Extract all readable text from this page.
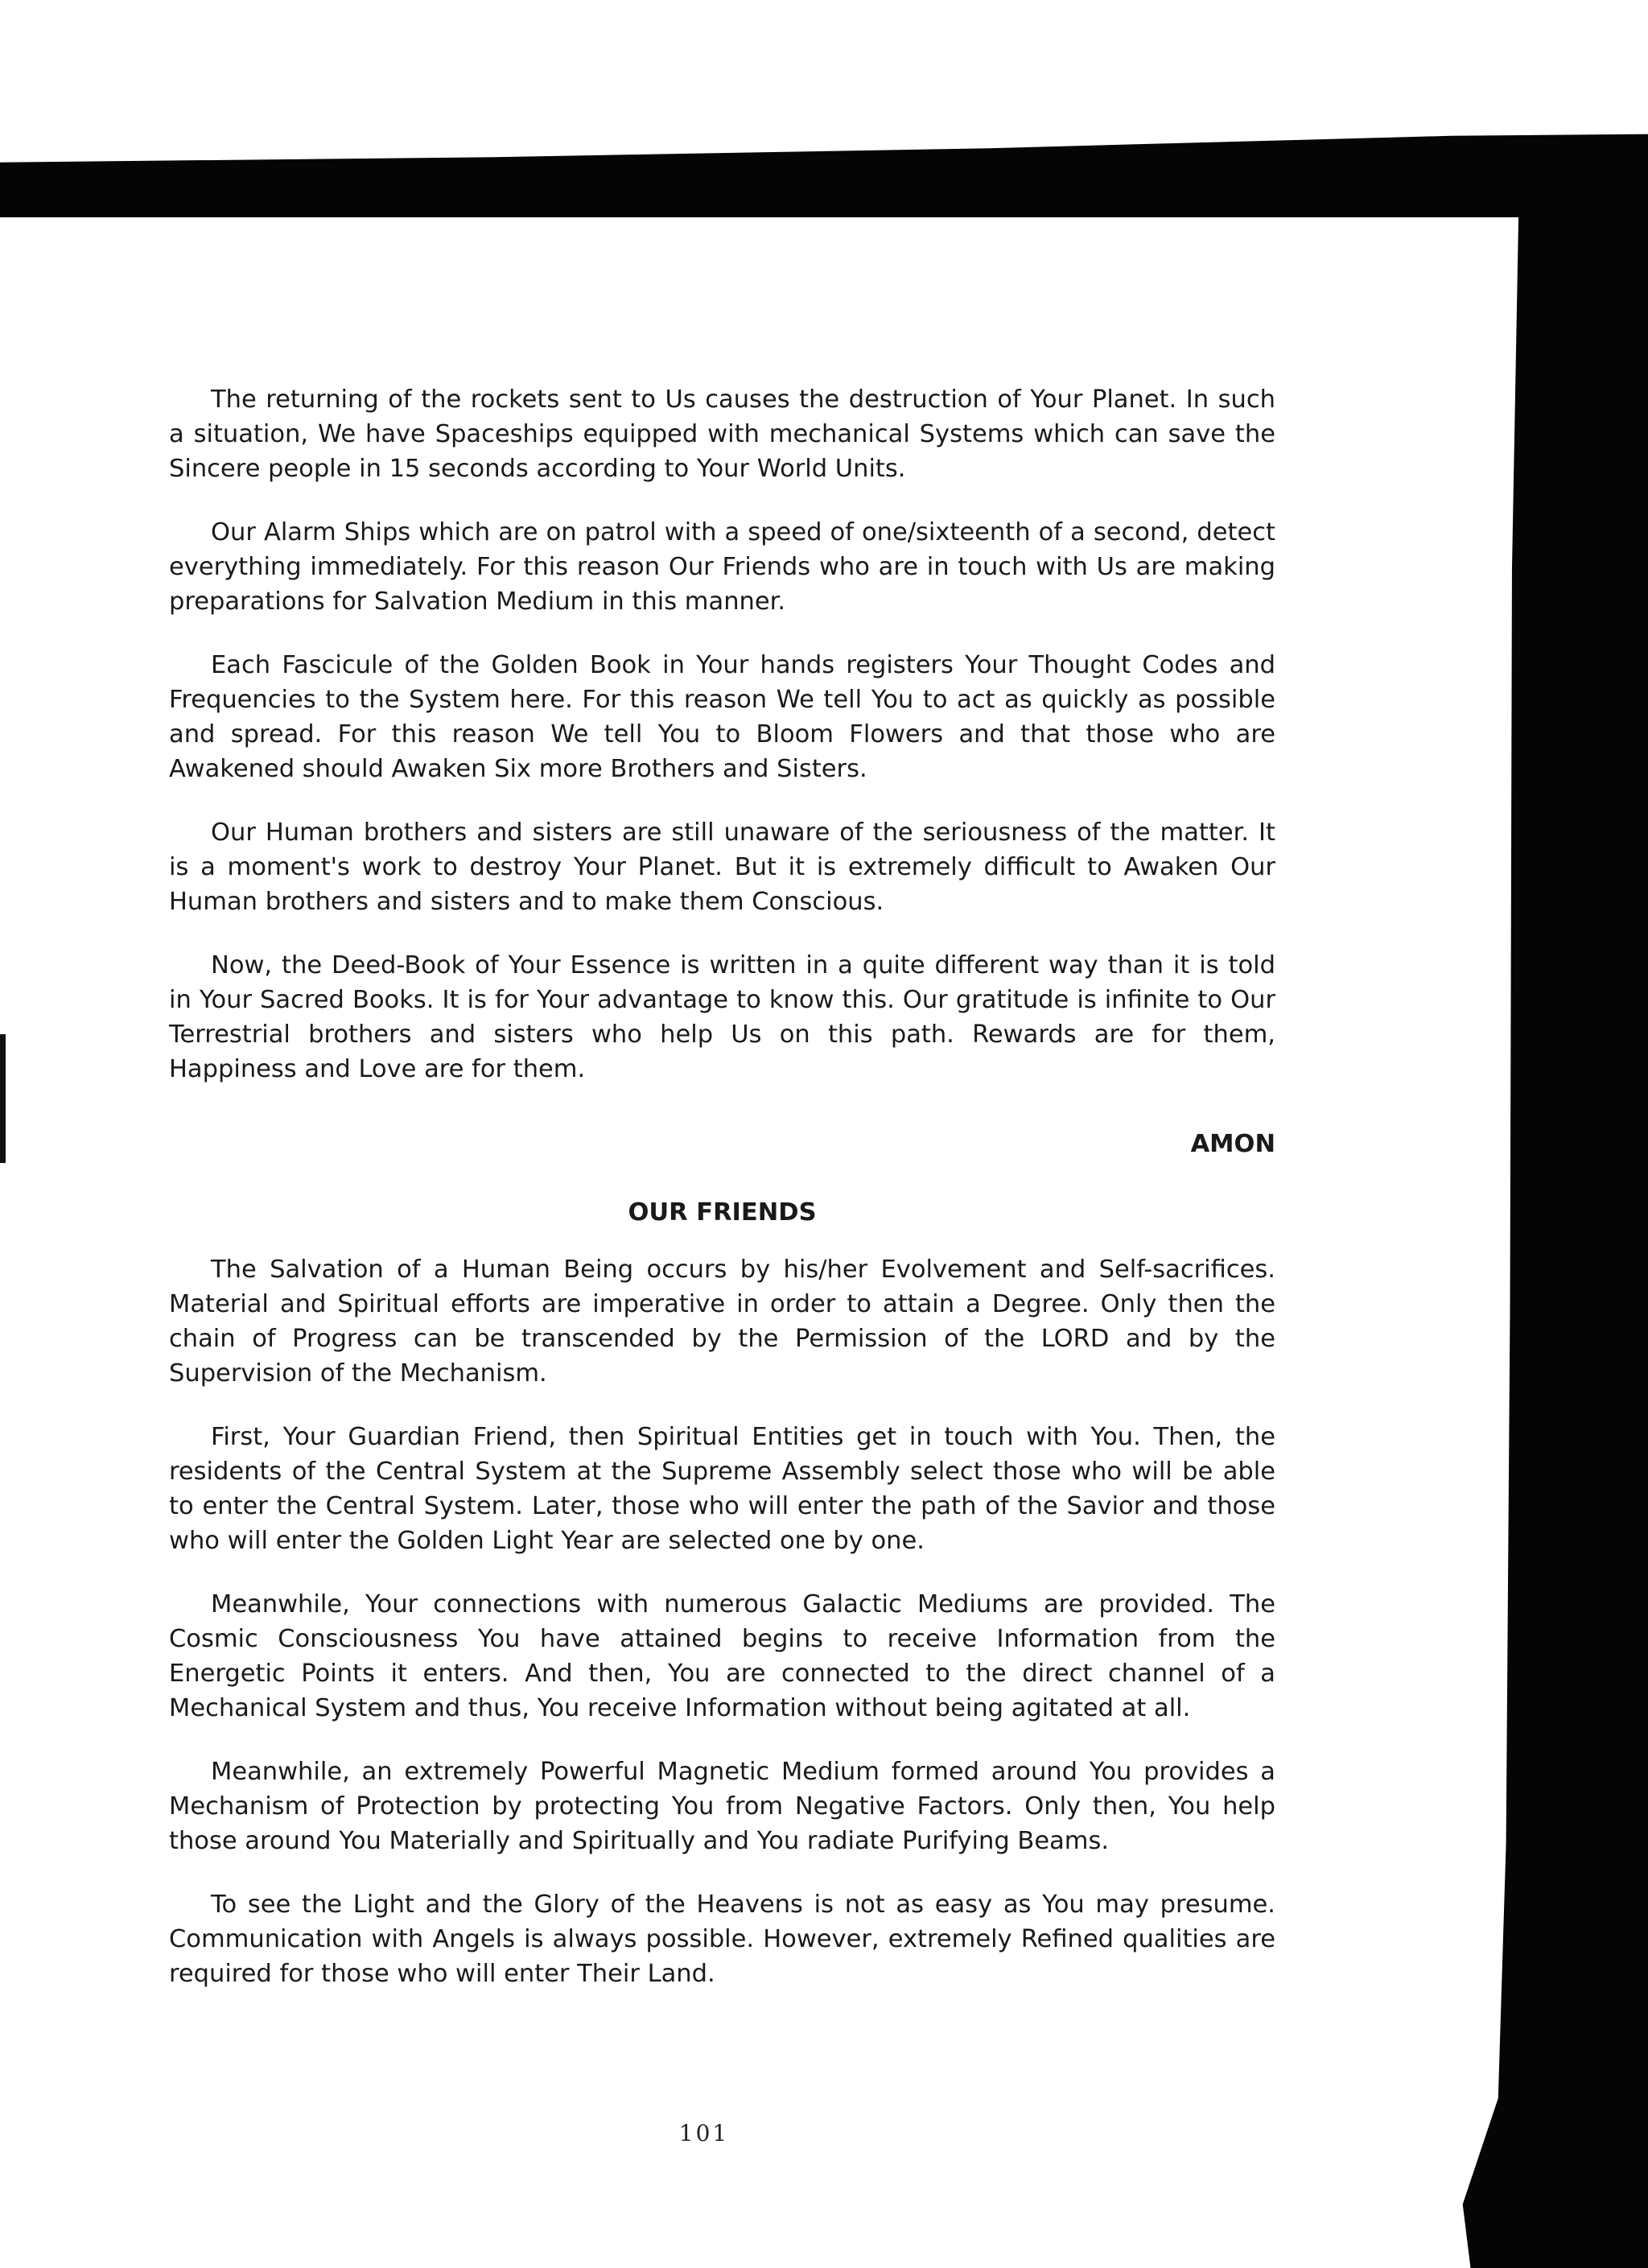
The returning of the rockets sent to Us causes the destruction of Your Planet. In such a situation, We have Spaceships equipped with mechanical Systems which can save the Sincere people in 15 seconds according to Your World Units.

Our Alarm Ships which are on patrol with a speed of one/sixteenth of a second, detect everything immediately. For this reason Our Friends who are in touch with Us are making preparations for Salvation Medium in this manner.

Each Fascicule of the Golden Book in Your hands registers Your Thought Codes and Frequencies to the System here. For this reason We tell You to act as quickly as possible and spread. For this reason We tell You to Bloom Flowers and that those who are Awakened should Awaken Six more Brothers and Sisters.

Our Human brothers and sisters are still unaware of the seriousness of the matter. It is a moment's work to destroy Your Planet. But it is extremely difficult to Awaken Our Human brothers and sisters and to make them Conscious.

Now, the Deed-Book of Your Essence is written in a quite different way than it is told in Your Sacred Books. It is for Your advantage to know this. Our gratitude is infinite to Our Terrestrial brothers and sisters who help Us on this path. Rewards are for them, Happiness and Love are for them.

AMON
OUR FRIENDS

The Salvation of a Human Being occurs by his/her Evolvement and Self-sacrifices. Material and Spiritual efforts are imperative in order to attain a Degree. Only then the chain of Progress can be transcended by the Permission of the LORD and by the Supervision of the Mechanism.

First, Your Guardian Friend, then Spiritual Entities get in touch with You. Then, the residents of the Central System at the Supreme Assembly select those who will be able to enter the Central System. Later, those who will enter the path of the Savior and those who will enter the Golden Light Year are selected one by one.

Meanwhile, Your connections with numerous Galactic Mediums are provided. The Cosmic Consciousness You have attained begins to receive Information from the Energetic Points it enters. And then, You are connected to the direct channel of a Mechanical System and thus, You receive Information without being agitated at all.

Meanwhile, an extremely Powerful Magnetic Medium formed around You provides a Mechanism of Protection by protecting You from Negative Factors. Only then, You help those around You Materially and Spiritually and You radiate Purifying Beams.

To see the Light and the Glory of the Heavens is not as easy as You may presume. Communication with Angels is always possible. However, extremely Refined qualities are required for those who will enter Their Land.

101
